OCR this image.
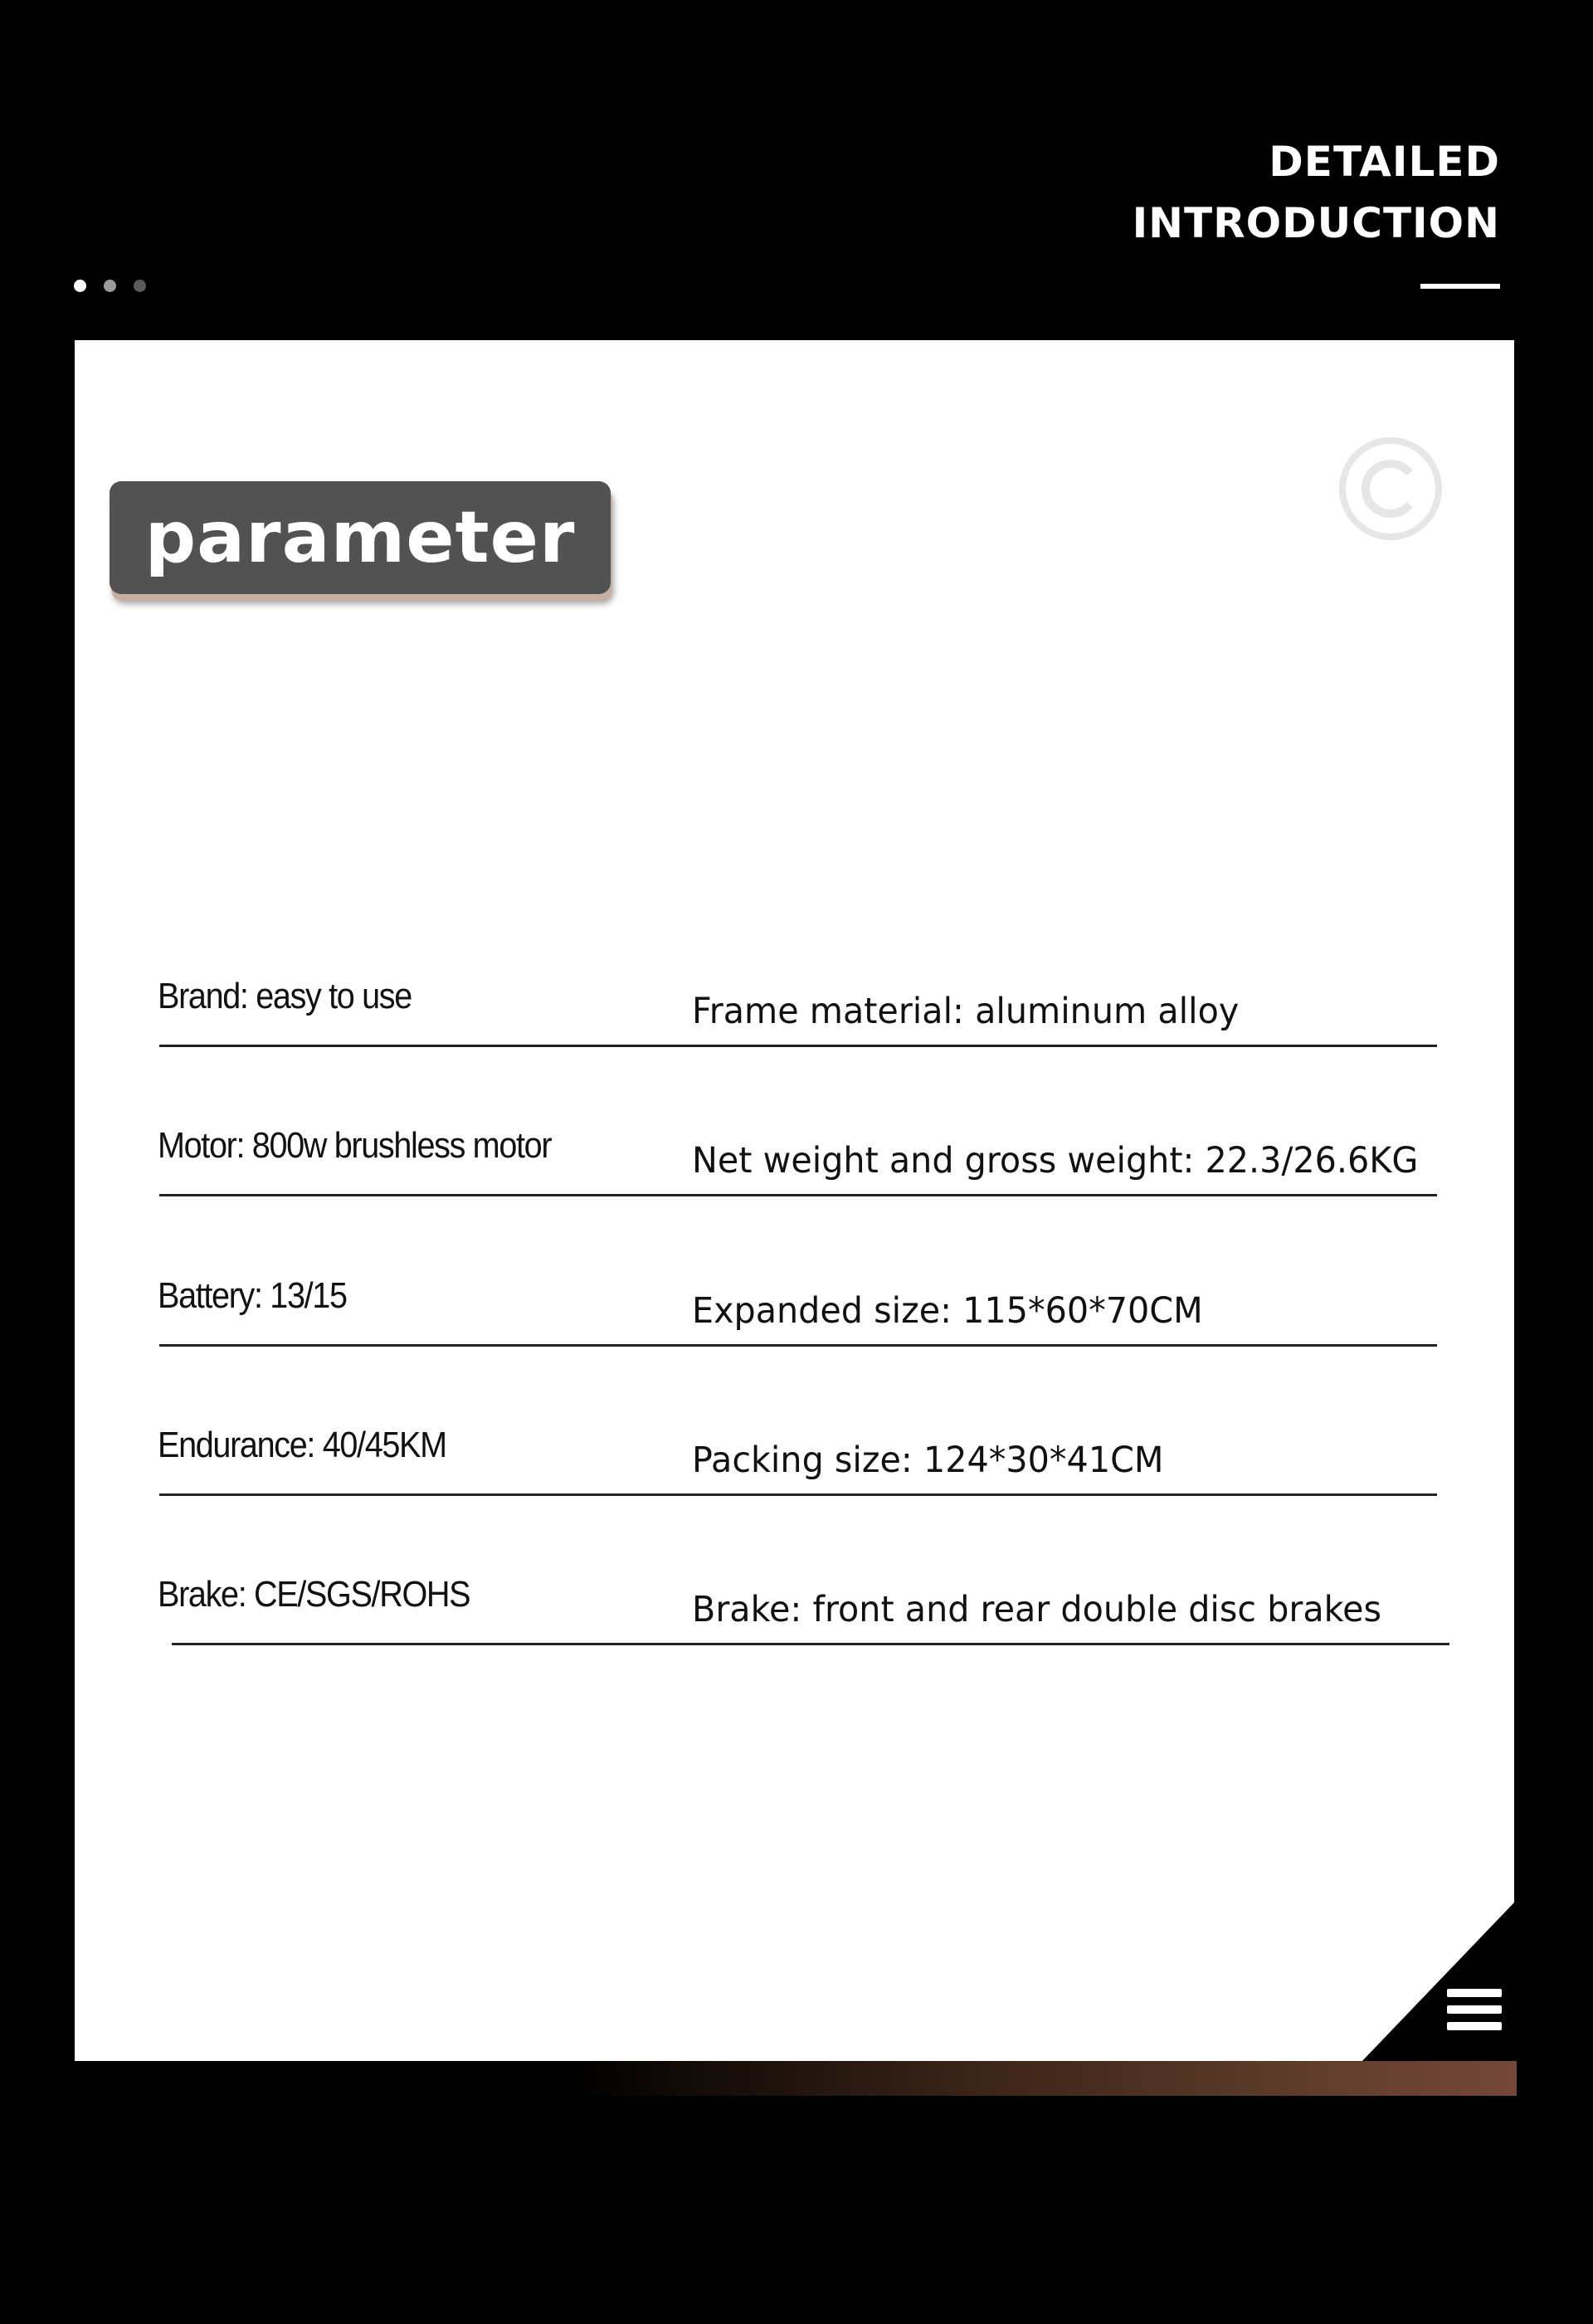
DETAILED
INTRODUCTION
parameter
Brand: easy to use	Frame material: aluminum alloy
Motor: 800w brushless motor	Net weight and gross weight: 22.3/26.6KG
Battery: 13/15	Expanded size: 115*60*70CM
Endurance: 40/45KM	Packing size: 124*30*41CM
Brake: CE/SGS/ROHS	Brake: front and rear double disc brakes
